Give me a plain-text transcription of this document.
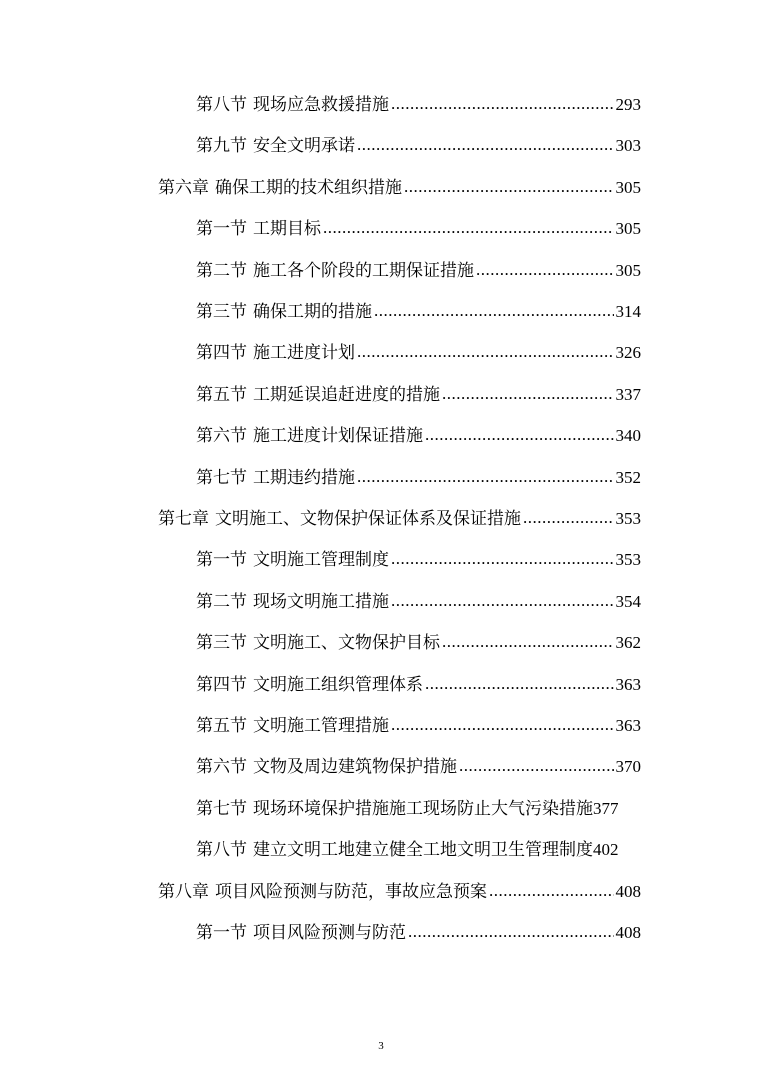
第八节 现场应急救援措施 .....	293
第九节 安全文明承诺 .....	303
第六章 确保工期的技术组织措施 .....	305
第一节 工期目标 .....	305
第二节 施工各个阶段的工期保证措施 .....	305
第三节 确保工期的措施 .....	314
第四节 施工进度计划 .....	326
第五节 工期延误追赶进度的措施 .....	337
第六节 施工进度计划保证措施 .....	340
第七节 工期违约措施 .....	352
第七章 文明施工、文物保护保证体系及保证措施 .....	353
第一节 文明施工管理制度 .....	353
第二节 现场文明施工措施 .....	354
第三节 文明施工、文物保护目标 .....	362
第四节 文明施工组织管理体系 .....	363
第五节 文明施工管理措施 .....	363
第六节 文物及周边建筑物保护措施 .....	370
第七节 现场环境保护措施施工现场防止大气污染措施 377
第八节 建立文明工地建立健全工地文明卫生管理制度 402
第八章 项目风险预测与防范，事故应急预案 .....	408
第一节 项目风险预测与防范 .....	408
3
